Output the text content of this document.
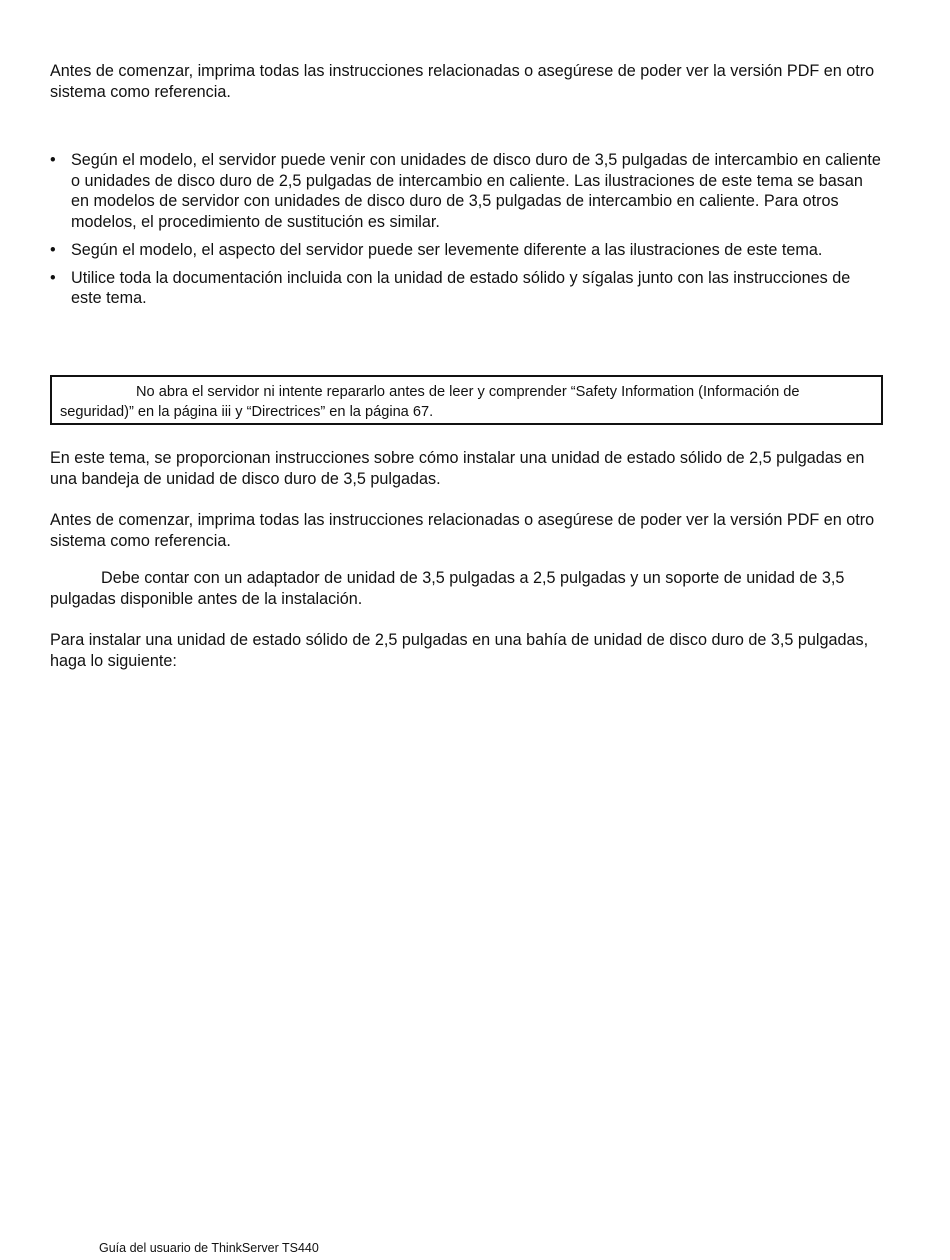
Antes de comenzar, imprima todas las instrucciones relacionadas o asegúrese de poder ver la versión PDF en otro sistema como referencia.

• Según el modelo, el servidor puede venir con unidades de disco duro de 3,5 pulgadas de intercambio en caliente o unidades de disco duro de 2,5 pulgadas de intercambio en caliente. Las ilustraciones de este tema se basan en modelos de servidor con unidades de disco duro de 3,5 pulgadas de intercambio en caliente. Para otros modelos, el procedimiento de sustitución es similar.
• Según el modelo, el aspecto del servidor puede ser levemente diferente a las ilustraciones de este tema.
• Utilice toda la documentación incluida con la unidad de estado sólido y sígalas junto con las instrucciones de este tema.

No abra el servidor ni intente repararlo antes de leer y comprender “Safety Information (Información de seguridad)” en la página iii y “Directrices” en la página 67.

En este tema, se proporcionan instrucciones sobre cómo instalar una unidad de estado sólido de 2,5 pulgadas en una bandeja de unidad de disco duro de 3,5 pulgadas.

Antes de comenzar, imprima todas las instrucciones relacionadas o asegúrese de poder ver la versión PDF en otro sistema como referencia.

Debe contar con un adaptador de unidad de 3,5 pulgadas a 2,5 pulgadas y un soporte de unidad de 3,5 pulgadas disponible antes de la instalación.

Para instalar una unidad de estado sólido de 2,5 pulgadas en una bahía de unidad de disco duro de 3,5 pulgadas, haga lo siguiente:

Guía del usuario de ThinkServer TS440
